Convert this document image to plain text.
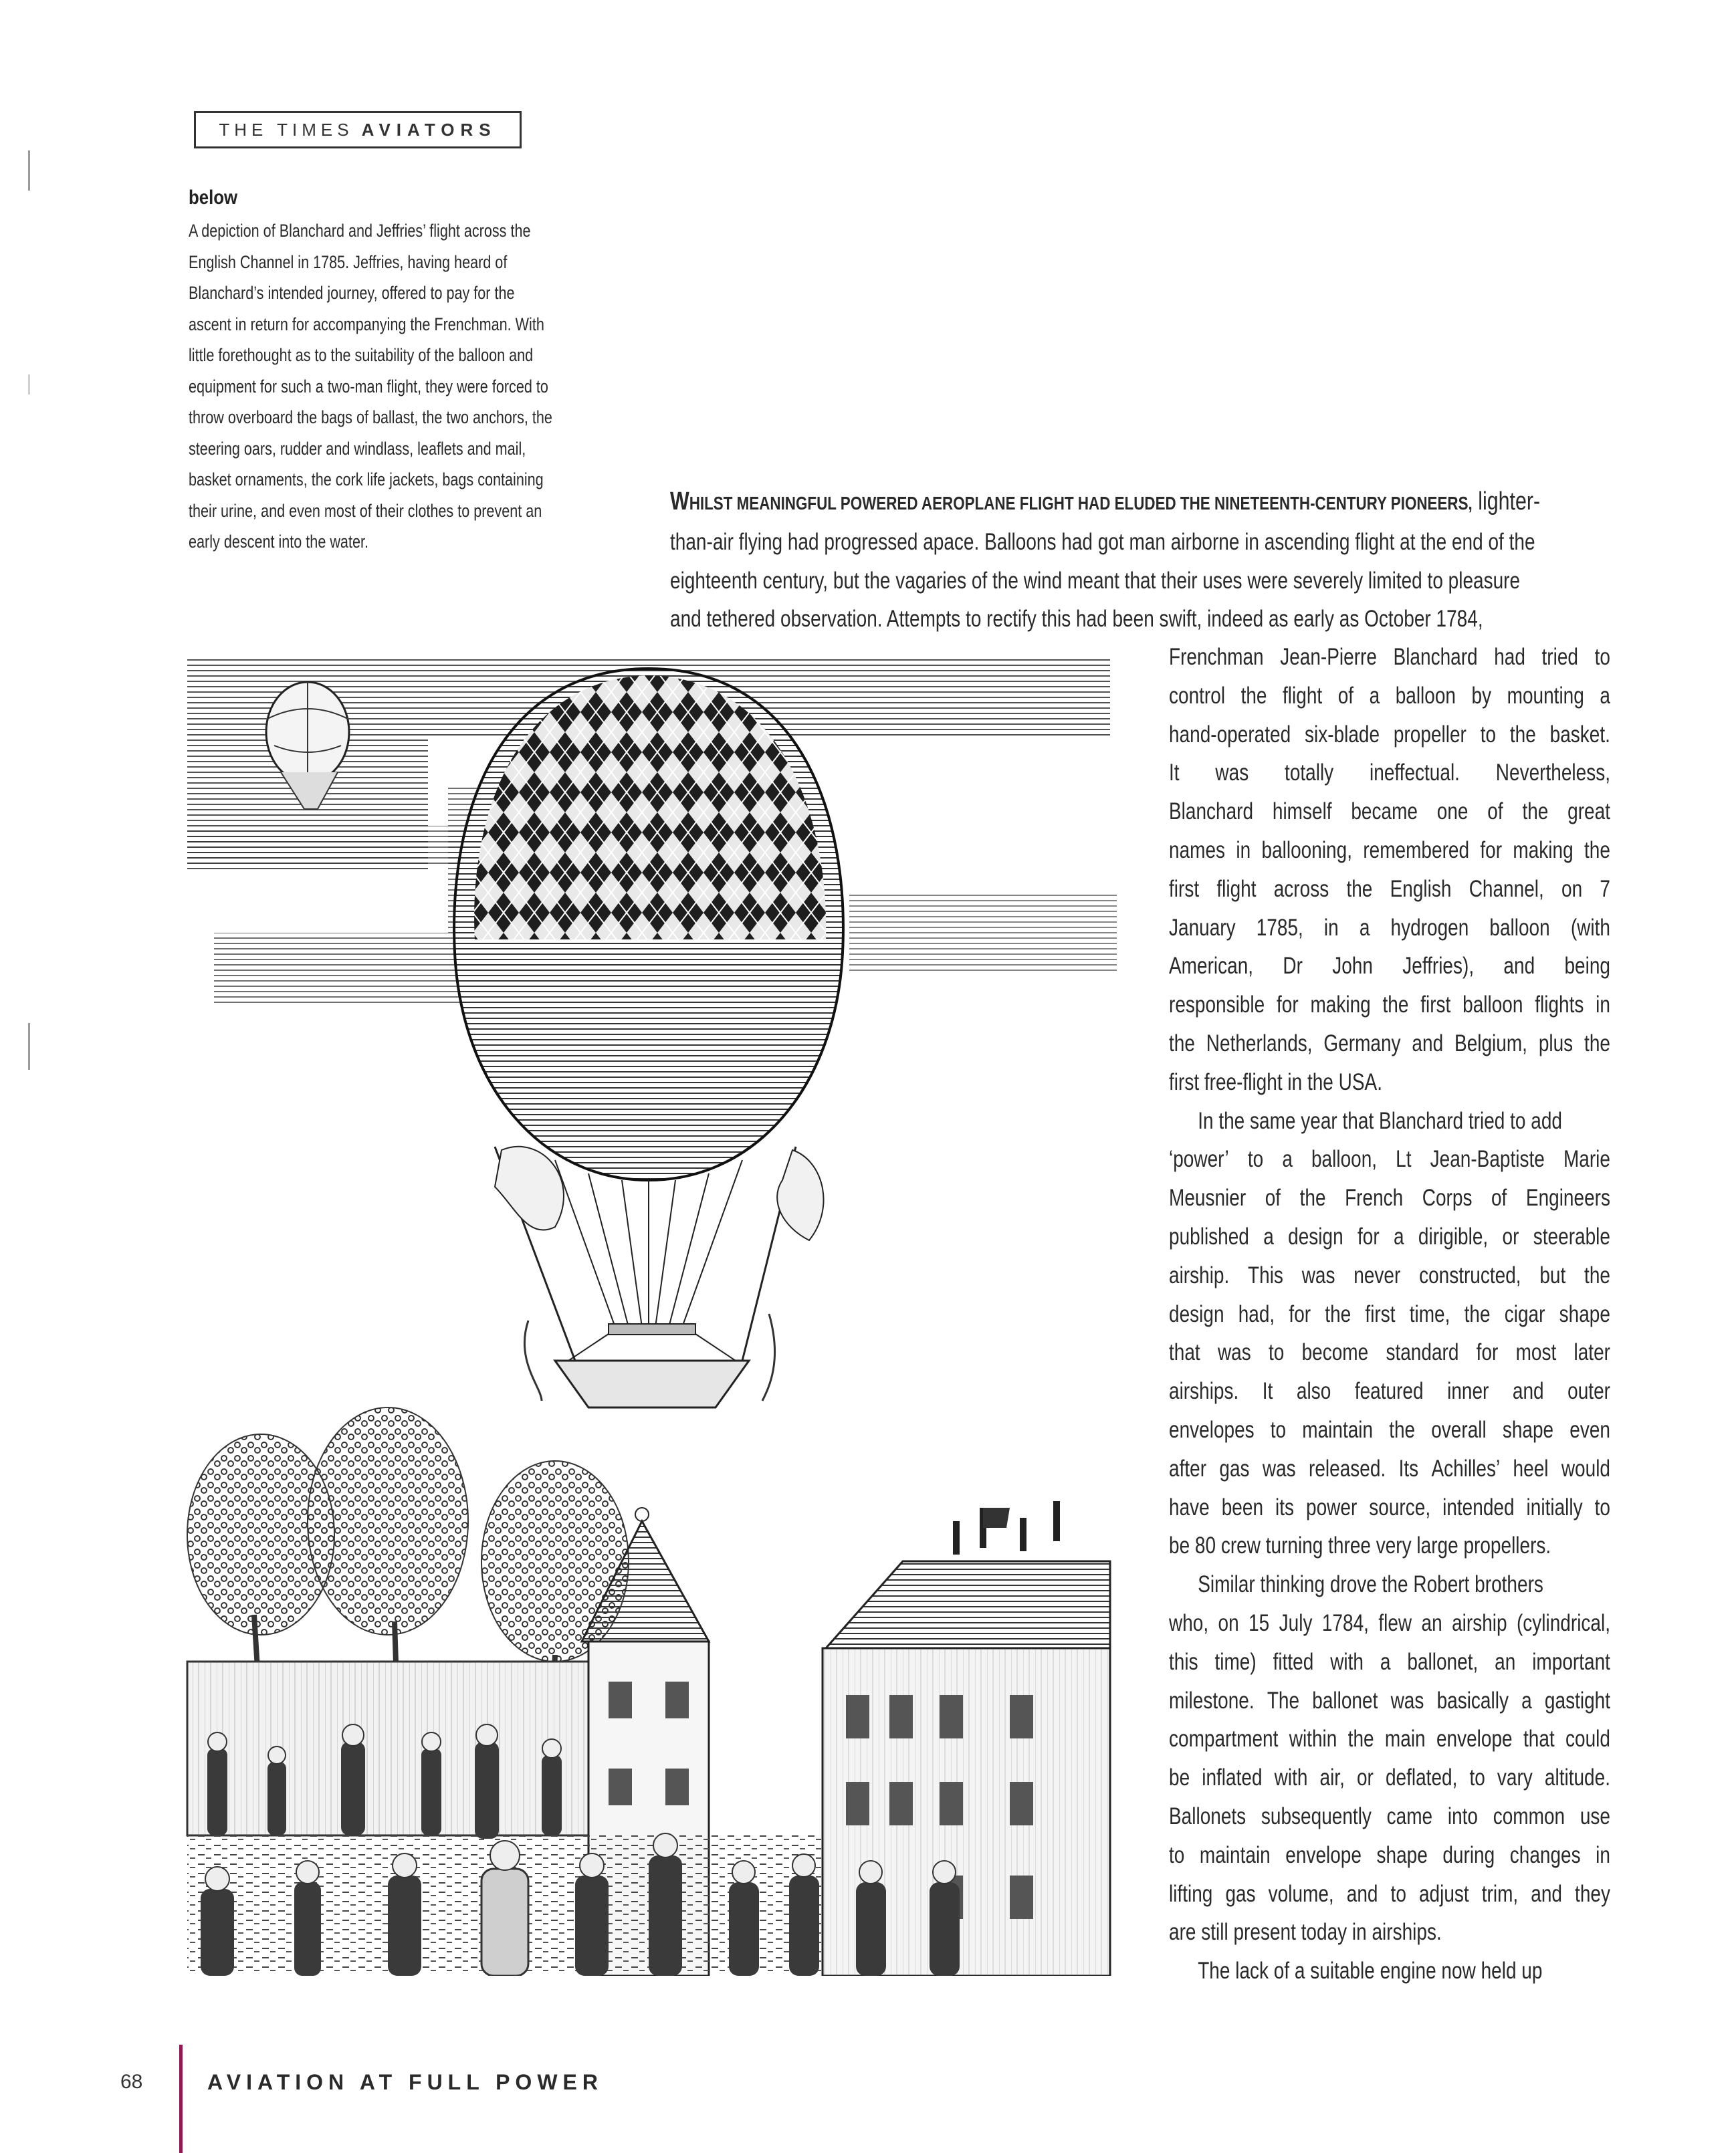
THE TIMES AVIATORS
below
A depiction of Blanchard and Jeffries’ flight across the
English Channel in 1785. Jeffries, having heard of
Blanchard’s intended journey, offered to pay for the
ascent in return for accompanying the Frenchman. With
little forethought as to the suitability of the balloon and
equipment for such a two-man flight, they were forced to
throw overboard the bags of ballast, the two anchors, the
steering oars, rudder and windlass, leaflets and mail,
basket ornaments, the cork life jackets, bags containing
their urine, and even most of their clothes to prevent an
early descent into the water.
WHILST MEANINGFUL POWERED AEROPLANE FLIGHT HAD ELUDED THE NINETEENTH-CENTURY PIONEERS, lighter-
than-air flying had progressed apace. Balloons had got man airborne in ascending flight at the end of the
eighteenth century, but the vagaries of the wind meant that their uses were severely limited to pleasure
and tethered observation. Attempts to rectify this had been swift, indeed as early as October 1784,
Frenchman Jean-Pierre Blanchard had tried to
control the flight of a balloon by mounting a
hand-operated six-blade propeller to the basket.
It was totally ineffectual. Nevertheless,
Blanchard himself became one of the great
names in ballooning, remembered for making the
first flight across the English Channel, on 7
January 1785, in a hydrogen balloon (with
American, Dr John Jeffries), and being
responsible for making the first balloon flights in
the Netherlands, Germany and Belgium, plus the
first free-flight in the USA.
In the same year that Blanchard tried to add
‘power’ to a balloon, Lt Jean-Baptiste Marie
Meusnier of the French Corps of Engineers
published a design for a dirigible, or steerable
airship. This was never constructed, but the
design had, for the first time, the cigar shape
that was to become standard for most later
airships. It also featured inner and outer
envelopes to maintain the overall shape even
after gas was released. Its Achilles’ heel would
have been its power source, intended initially to
be 80 crew turning three very large propellers.
Similar thinking drove the Robert brothers
who, on 15 July 1784, flew an airship (cylindrical,
this time) fitted with a ballonet, an important
milestone. The ballonet was basically a gastight
compartment within the main envelope that could
be inflated with air, or deflated, to vary altitude.
Ballonets subsequently came into common use
to maintain envelope shape during changes in
lifting gas volume, and to adjust trim, and they
are still present today in airships.
The lack of a suitable engine now held up
68	AVIATION AT FULL POWER
